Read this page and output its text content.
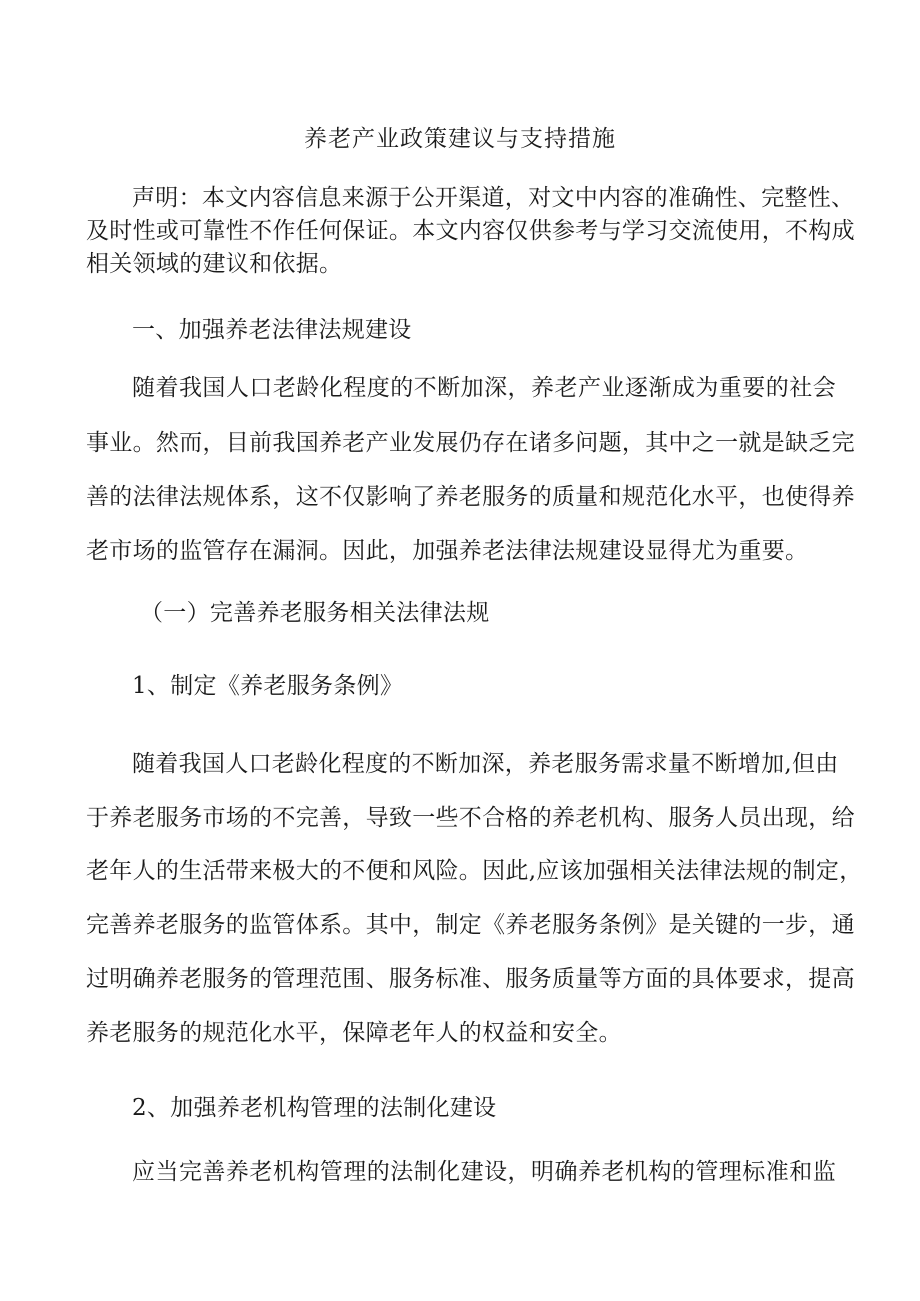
养老产业政策建议与支持措施
声明：本文内容信息来源于公开渠道，对文中内容的准确性、完整性、
及时性或可靠性不作任何保证。本文内容仅供参考与学习交流使用，不构成
相关领域的建议和依据。
一、加强养老法律法规建设
随着我国人口老龄化程度的不断加深，养老产业逐渐成为重要的社会
事业。然而，目前我国养老产业发展仍存在诸多问题，其中之一就是缺乏完
善的法律法规体系，这不仅影响了养老服务的质量和规范化水平，也使得养
老市场的监管存在漏洞。因此，加强养老法律法规建设显得尤为重要。
（一）完善养老服务相关法律法规
1、制定《养老服务条例》
随着我国人口老龄化程度的不断加深，养老服务需求量不断增加,但由
于养老服务市场的不完善，导致一些不合格的养老机构、服务人员出现，给
老年人的生活带来极大的不便和风险。因此,应该加强相关法律法规的制定，
完善养老服务的监管体系。其中，制定《养老服务条例》是关键的一步，通
过明确养老服务的管理范围、服务标准、服务质量等方面的具体要求，提高
养老服务的规范化水平，保障老年人的权益和安全。
2、加强养老机构管理的法制化建设
应当完善养老机构管理的法制化建设，明确养老机构的管理标准和监
